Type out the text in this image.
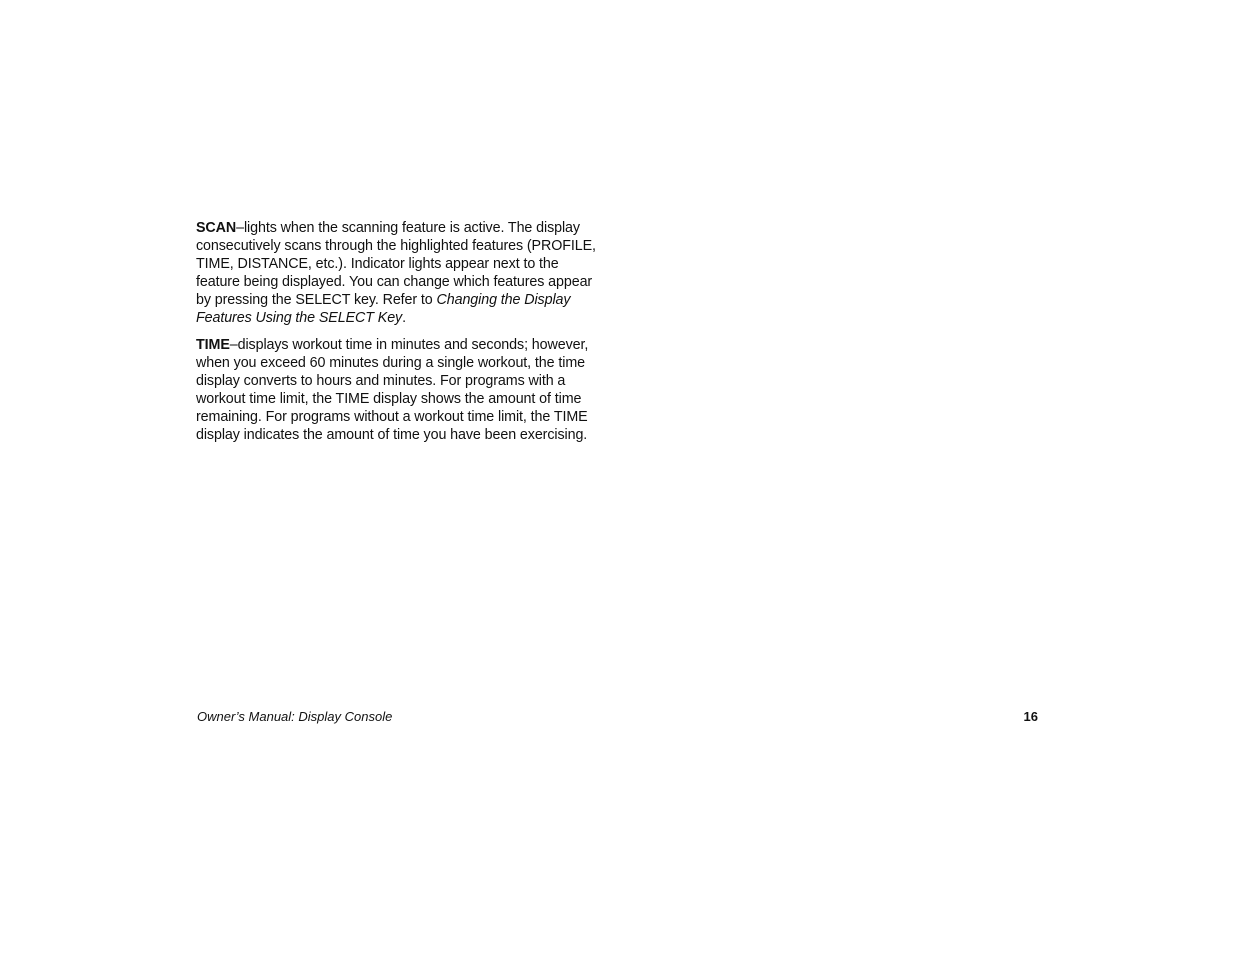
SCAN–lights when the scanning feature is active. The display consecutively scans through the highlighted features (PROFILE, TIME, DISTANCE, etc.). Indicator lights appear next to the feature being displayed. You can change which features appear by pressing the SELECT key. Refer to Changing the Display Features Using the SELECT Key.

TIME–displays workout time in minutes and seconds; however, when you exceed 60 minutes during a single workout, the time display converts to hours and minutes. For programs with a workout time limit, the TIME display shows the amount of time remaining. For programs without a workout time limit, the TIME display indicates the amount of time you have been exercising.

Owner’s Manual: Display Console	16
